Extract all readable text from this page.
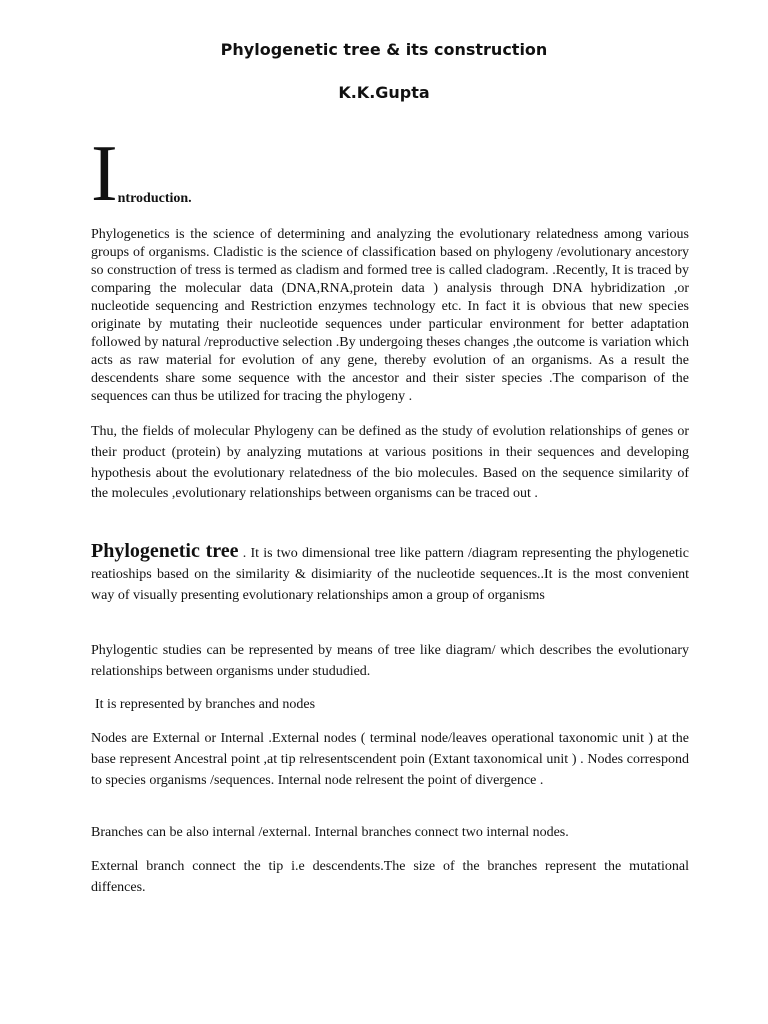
Phylogenetic tree & its construction
K.K.Gupta
Introduction.

Phylogenetics is the science of determining and analyzing the evolutionary relatedness among various groups of organisms. Cladistic is the science of classification based on phylogeny /evolutionary ancestory so construction of tress is termed as cladism and formed tree is called cladogram. .Recently, It is traced by comparing the molecular data (DNA,RNA,protein data ) analysis through DNA hybridization ,or nucleotide sequencing and Restriction enzymes technology etc. In fact it is obvious that new species originate by mutating their nucleotide sequences under particular environment for better adaptation followed by natural /reproductive selection .By undergoing theses changes ,the outcome is variation which acts as raw material for evolution of any gene, thereby evolution of an organisms. As a result the descendents share some sequence with the ancestor and their sister species .The comparison of the sequences can thus be utilized for tracing the phylogeny .

Thu, the fields of molecular Phylogeny can be defined as the study of evolution relationships of genes or their product (protein) by analyzing mutations at various positions in their sequences and developing hypothesis about the evolutionary relatedness of the bio molecules. Based on the sequence similarity of the molecules ,evolutionary relationships between organisms can be traced out .

Phylogenetic tree . It is two dimensional tree like pattern /diagram representing the phylogenetic reatioships based on the similarity & disimiarity of the nucleotide sequences..It is the most convenient way of visually presenting evolutionary relationships amon a group of organisms

Phylogentic studies can be represented by means of tree like diagram/ which describes the evolutionary relationships between organisms under stududied.

It is represented by branches and nodes

Nodes are External or Internal .External nodes ( terminal node/leaves operational taxonomic unit ) at the base represent Ancestral point ,at tip relresentscendent poin (Extant taxonomical unit ) . Nodes correspond to species organisms /sequences. Internal node relresent the point of divergence .

Branches can be also internal /external. Internal branches connect two internal nodes.

External branch connect the tip i.e descendents.The size of the branches represent the mutational diffences.
